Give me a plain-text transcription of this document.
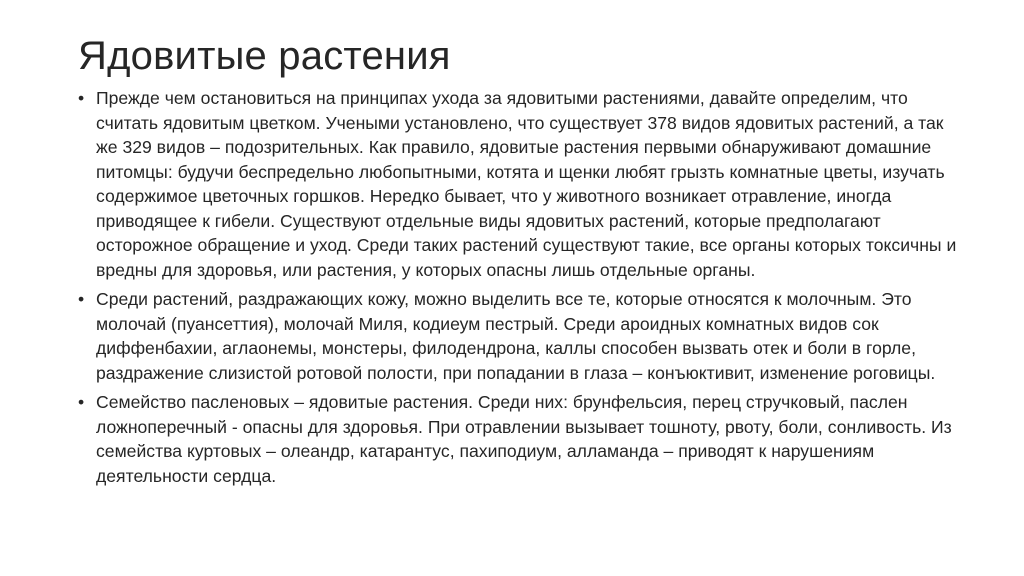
Ядовитые растения
• Прежде чем остановиться на принципах ухода за ядовитыми растениями, давайте определим, что считать ядовитым цветком. Учеными установлено, что существует 378 видов ядовитых растений, а так же 329 видов – подозрительных. Как правило, ядовитые растения первыми обнаруживают домашние питомцы: будучи беспредельно любопытными, котята и щенки любят грызть комнатные цветы, изучать содержимое цветочных горшков. Нередко бывает, что у животного возникает отравление, иногда приводящее к гибели. Существуют отдельные виды ядовитых растений, которые предполагают осторожное обращение и уход. Среди таких растений существуют такие, все органы которых токсичны и вредны для здоровья, или растения, у которых опасны лишь отдельные органы.
• Среди растений, раздражающих кожу, можно выделить все те, которые относятся к молочным. Это молочай (пуансеттия), молочай Миля, кодиеум пестрый. Среди ароидных комнатных видов сок диффенбахии, аглаонемы, монстеры, филодендрона, каллы способен вызвать отек и боли в горле, раздражение слизистой ротовой полости, при попадании в глаза – конъюктивит, изменение роговицы.
• Семейство пасленовых – ядовитые растения. Среди них: брунфельсия, перец стручковый, паслен ложноперечный - опасны для здоровья. При отравлении вызывает тошноту, рвоту, боли, сонливость. Из семейства куртовых – олеандр, катарантус, пахиподиум, алламанда – приводят к нарушениям деятельности сердца.
